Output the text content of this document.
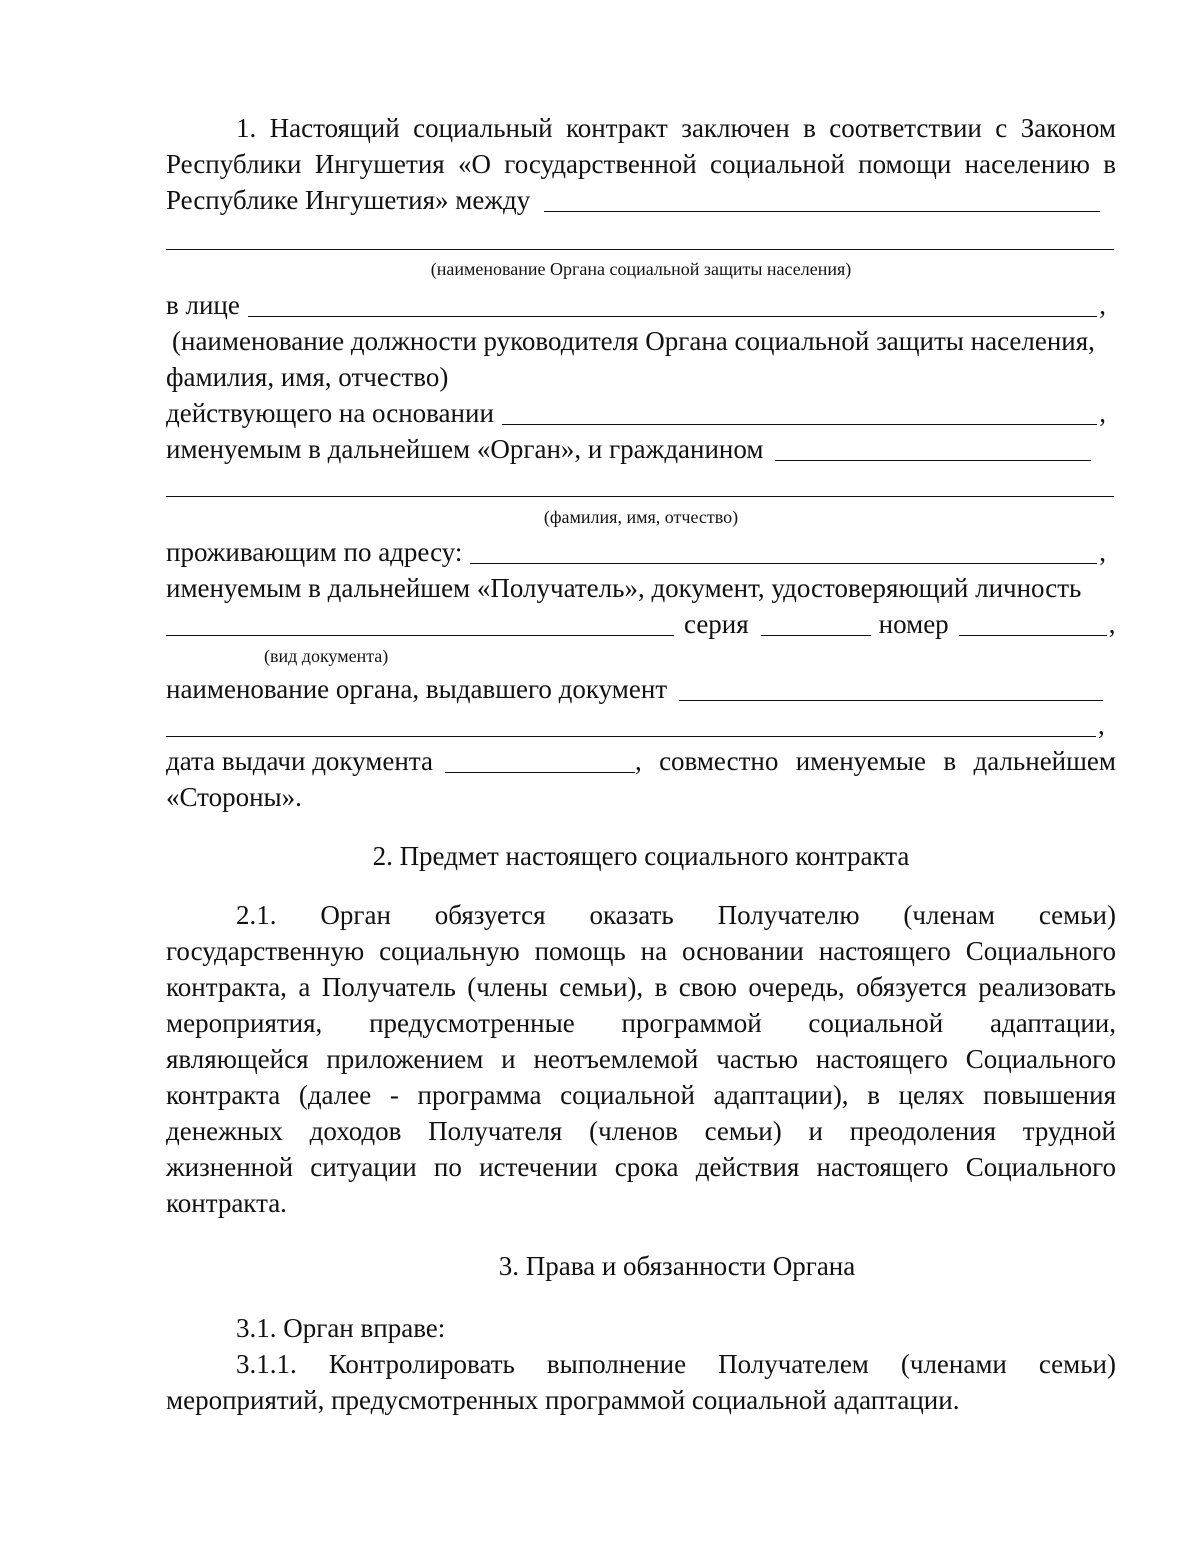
1. Настоящий социальный контракт заключен в соответствии с Законом
Республики Ингушетия «О государственной социальной помощи населению в
Республике Ингушетия» между
(наименование Органа социальной защиты населения)
в лице	,
(наименование должности руководителя Органа социальной защиты населения,
фамилия, имя, отчество)
действующего на основании	,
именуемым в дальнейшем «Орган», и гражданином
(фамилия, имя, отчество)
проживающим по адресу:	,
именуемым в дальнейшем «Получатель», документ, удостоверяющий личность
серия	номер	,
(вид документа)
наименование органа, выдавшего документ
,
дата выдачи документа	, совместно именуемые в дальнейшем
«Стороны».
2. Предмет настоящего социального контракта
2.1. Орган обязуется оказать Получателю (членам семьи)
государственную социальную помощь на основании настоящего Социального
контракта, а Получатель (члены семьи), в свою очередь, обязуется реализовать
мероприятия, предусмотренные программой социальной адаптации,
являющейся приложением и неотъемлемой частью настоящего Социального
контракта (далее - программа социальной адаптации), в целях повышения
денежных доходов Получателя (членов семьи) и преодоления трудной
жизненной ситуации по истечении срока действия настоящего Социального
контракта.
3. Права и обязанности Органа
3.1. Орган вправе:
3.1.1. Контролировать выполнение Получателем (членами семьи)
мероприятий, предусмотренных программой социальной адаптации.
